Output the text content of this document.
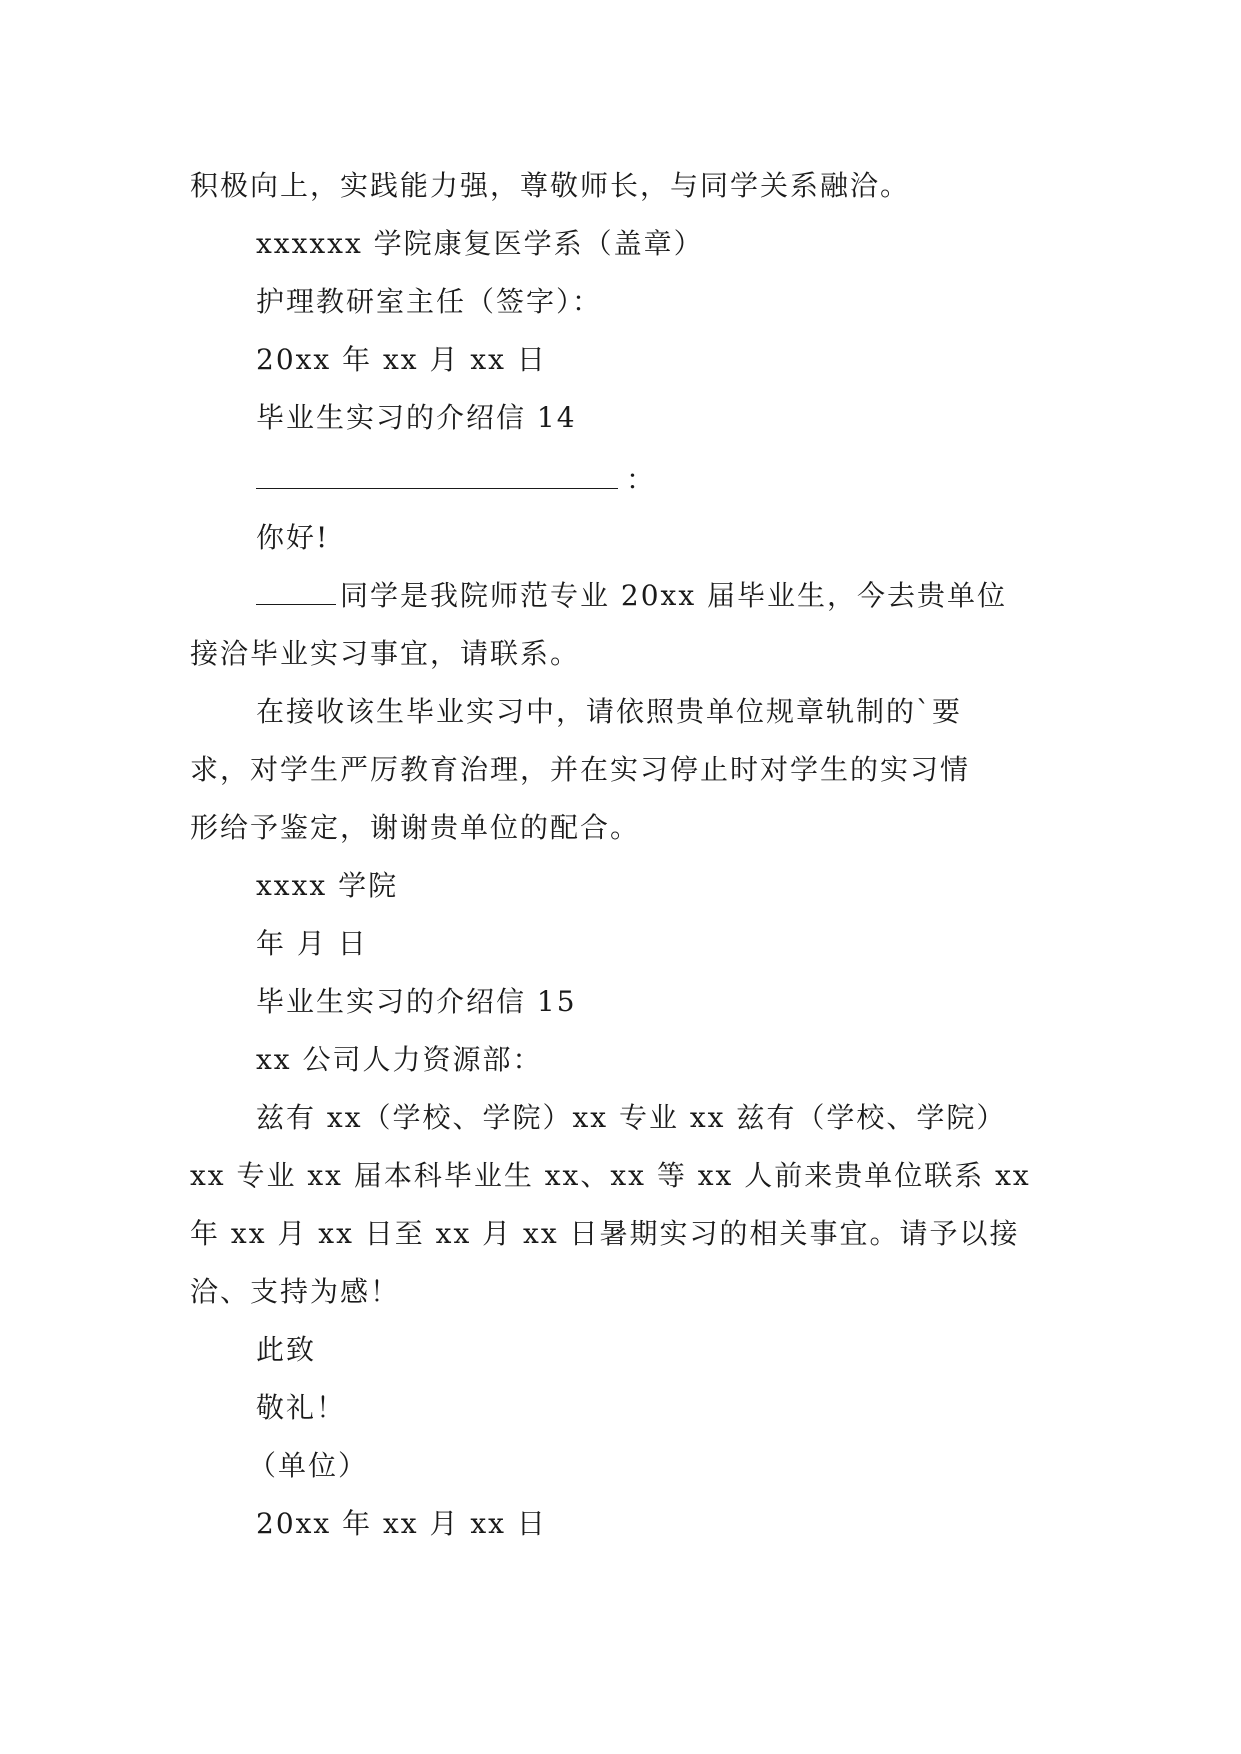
积极向上，实践能力强，尊敬师长，与同学关系融洽。

xxxxxx 学院康复医学系（盖章）

护理教研室主任（签字）：

20xx 年 xx 月 xx 日

毕业生实习的介绍信 14

：

你好!

同学是我院师范专业 20xx 届毕业生，今去贵单位

接洽毕业实习事宜，请联系。

在接收该生毕业实习中，请依照贵单位规章轨制的`要

求，对学生严厉教育治理，并在实习停止时对学生的实习情

形给予鉴定，谢谢贵单位的配合。

xxxx 学院

年 月 日

毕业生实习的介绍信 15

xx 公司人力资源部：

兹有 xx（学校、学院）xx 专业 xx 兹有（学校、学院）

xx 专业 xx 届本科毕业生 xx、xx 等 xx 人前来贵单位联系 xx

年 xx 月 xx 日至 xx 月 xx 日暑期实习的相关事宜。请予以接

洽、支持为感！

此致

敬礼！

（单位）

20xx 年 xx 月 xx 日
